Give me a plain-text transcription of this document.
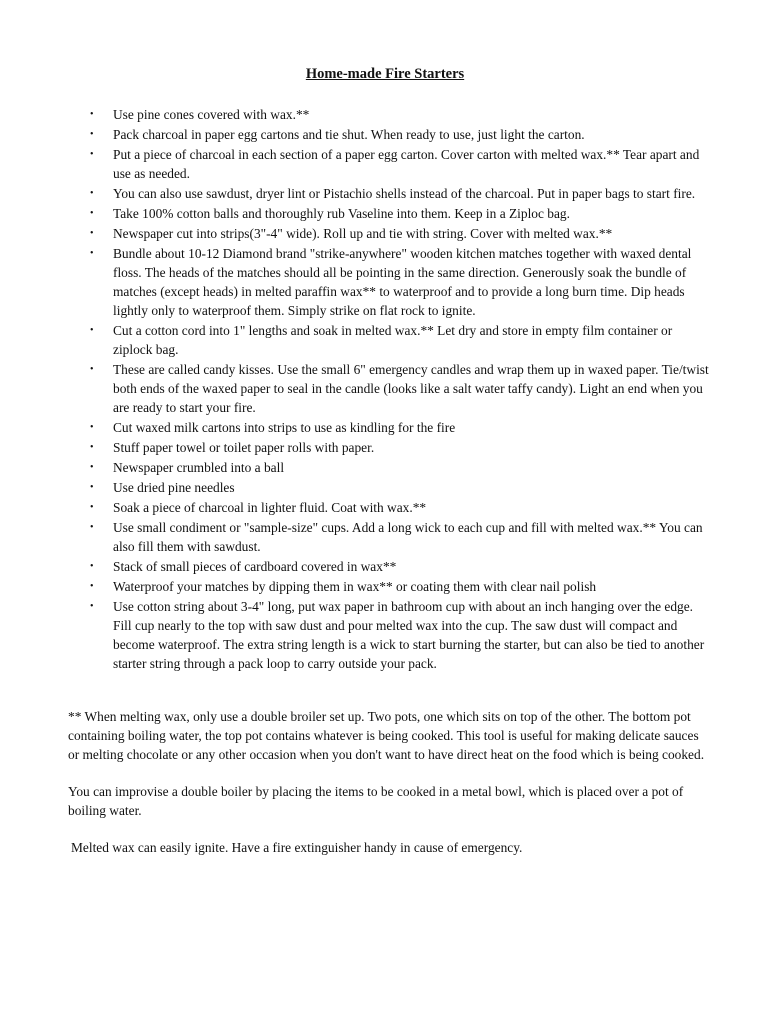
Home-made Fire Starters
• Use pine cones covered with wax.**
• Pack charcoal in paper egg cartons and tie shut. When ready to use, just light the carton.
• Put a piece of charcoal in each section of a paper egg carton. Cover carton with melted wax.** Tear apart and use as needed.
• You can also use sawdust, dryer lint or Pistachio shells instead of the charcoal. Put in paper bags to start fire.
• Take 100% cotton balls and thoroughly rub Vaseline into them. Keep in a Ziploc bag.
• Newspaper cut into strips(3"-4" wide). Roll up and tie with string. Cover with melted wax.**
• Bundle about 10-12 Diamond brand "strike-anywhere" wooden kitchen matches together with waxed dental floss. The heads of the matches should all be pointing in the same direction. Generously soak the bundle of matches (except heads) in melted paraffin wax** to waterproof and to provide a long burn time. Dip heads lightly only to waterproof them. Simply strike on flat rock to ignite.
• Cut a cotton cord into 1" lengths and soak in melted wax.** Let dry and store in empty film container or ziplock bag.
• These are called candy kisses. Use the small 6" emergency candles and wrap them up in waxed paper. Tie/twist both ends of the waxed paper to seal in the candle (looks like a salt water taffy candy). Light an end when you are ready to start your fire.
• Cut waxed milk cartons into strips to use as kindling for the fire
• Stuff paper towel or toilet paper rolls with paper.
• Newspaper crumbled into a ball
• Use dried pine needles
• Soak a piece of charcoal in lighter fluid. Coat with wax.**
• Use small condiment or "sample-size" cups. Add a long wick to each cup and fill with melted wax.** You can also fill them with sawdust.
• Stack of small pieces of cardboard covered in wax**
• Waterproof your matches by dipping them in wax** or coating them with clear nail polish
• Use cotton string about 3-4" long, put wax paper in bathroom cup with about an inch hanging over the edge. Fill cup nearly to the top with saw dust and pour melted wax into the cup. The saw dust will compact and become waterproof. The extra string length is a wick to start burning the starter, but can also be tied to another starter string through a pack loop to carry outside your pack.

** When melting wax, only use a double broiler set up. Two pots, one which sits on top of the other. The bottom pot containing boiling water, the top pot contains whatever is being cooked. This tool is useful for making delicate sauces or melting chocolate or any other occasion when you don't want to have direct heat on the food which is being cooked.

You can improvise a double boiler by placing the items to be cooked in a metal bowl, which is placed over a pot of boiling water.

Melted wax can easily ignite. Have a fire extinguisher handy in cause of emergency.
